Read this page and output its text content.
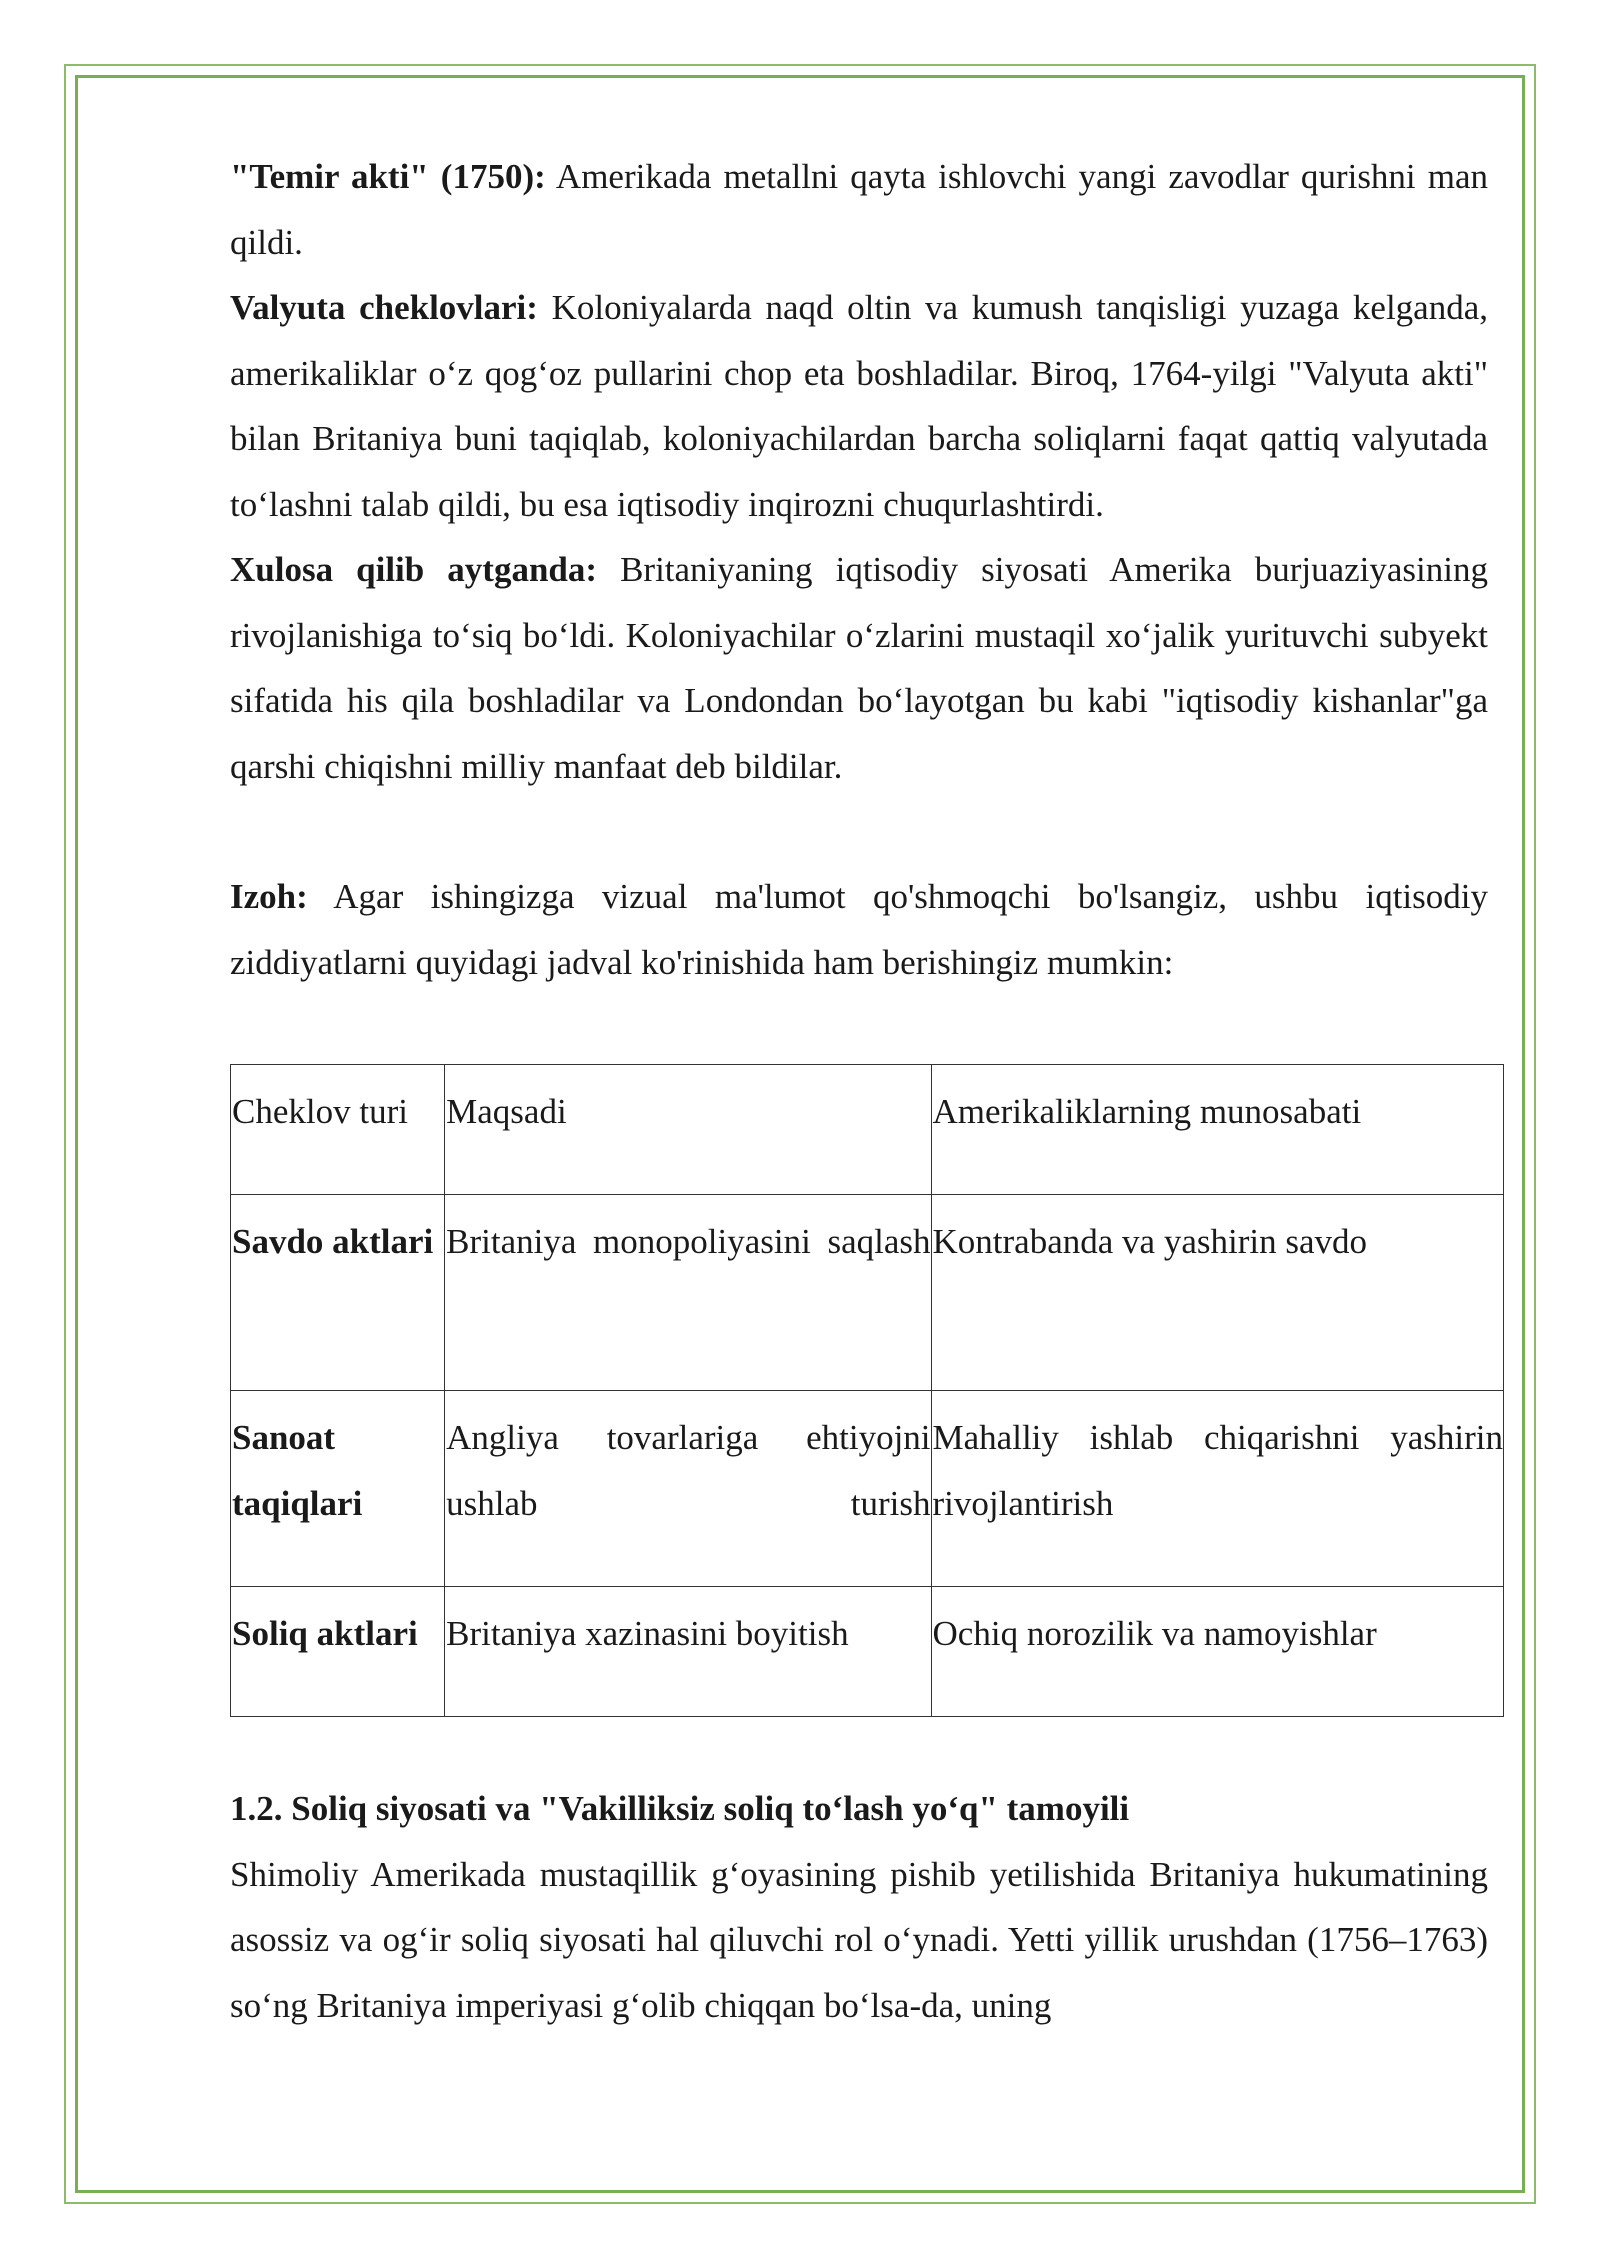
"Temir akti" (1750): Amerikada metallni qayta ishlovchi yangi zavodlar qurishni man qildi.

Valyuta cheklovlari: Koloniyalarda naqd oltin va kumush tanqisligi yuzaga kelganda, amerikaliklar o‘z qog‘oz pullarini chop eta boshladilar. Biroq, 1764-yilgi "Valyuta akti" bilan Britaniya buni taqiqlab, koloniyachilardan barcha soliqlarni faqat qattiq valyutada to‘lashni talab qildi, bu esa iqtisodiy inqirozni chuqurlashtirdi.

Xulosa qilib aytganda: Britaniyaning iqtisodiy siyosati Amerika burjuaziyasining rivojlanishiga to‘siq bo‘ldi. Koloniyachilar o‘zlarini mustaqil xo‘jalik yurituvchi subyekt sifatida his qila boshladilar va Londondan bo‘layotgan bu kabi "iqtisodiy kishanlar"ga qarshi chiqishni milliy manfaat deb bildilar.

Izoh: Agar ishingizga vizual ma'lumot qo'shmoqchi bo'lsangiz, ushbu iqtisodiy ziddiyatlarni quyidagi jadval ko'rinishida ham berishingiz mumkin:

Cheklov turi	Maqsadi	Amerikaliklarning munosabati
Savdo aktlari	Britaniya monopoliyasini saqlash	Kontrabanda va yashirin savdo
Sanoat taqiqlari	Angliya tovarlariga ehtiyojni ushlab turish	Mahalliy ishlab chiqarishni yashirin rivojlantirish
Soliq aktlari	Britaniya xazinasini boyitish	Ochiq norozilik va namoyishlar

1.2. Soliq siyosati va "Vakilliksiz soliq to‘lash yo‘q" tamoyili

Shimoliy Amerikada mustaqillik g‘oyasining pishib yetilishida Britaniya hukumatining asossiz va og‘ir soliq siyosati hal qiluvchi rol o‘ynadi. Yetti yillik urushdan (1756–1763) so‘ng Britaniya imperiyasi g‘olib chiqqan bo‘lsa-da, uning
